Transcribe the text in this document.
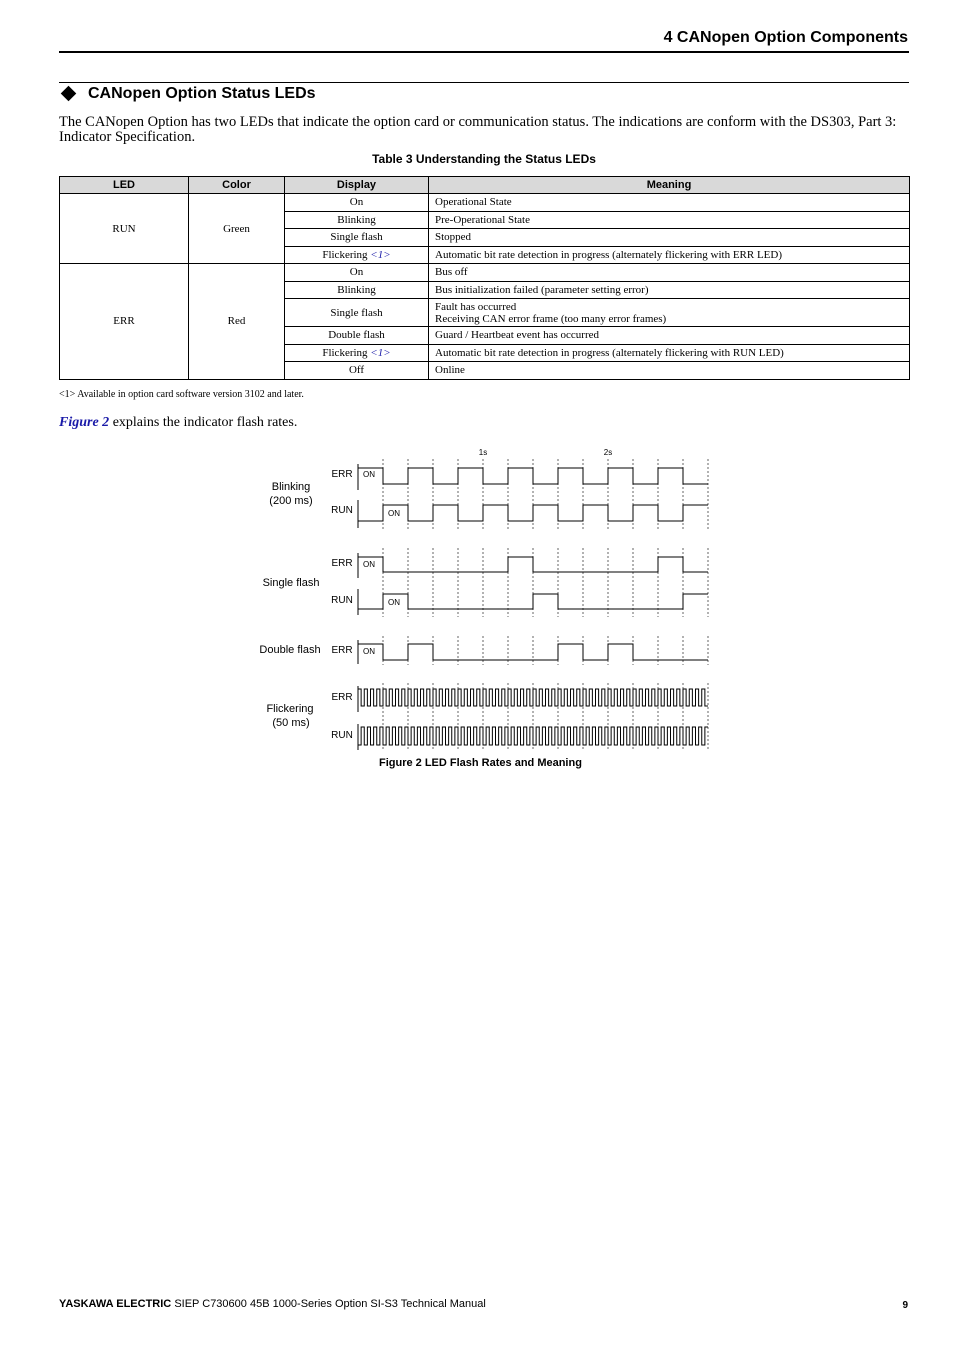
4 CANopen Option Components
CANopen Option Status LEDs

The CANopen Option has two LEDs that indicate the option card or communication status. The indications are conform with the DS303, Part 3: Indicator Specification.

Table 3 Understanding the Status LEDs
LED	Color	Display	Meaning
RUN	Green	On	Operational State
		Blinking	Pre-Operational State
		Single flash	Stopped
		Flickering <1>	Automatic bit rate detection in progress (alternately flickering with ERR LED)
ERR	Red	On	Bus off
		Blinking	Bus initialization failed (parameter setting error)
		Single flash	Fault has occurred
Receiving CAN error frame (too many error frames)

		Double flash	Guard / Heartbeat event has occurred
		Flickering <1>	Automatic bit rate detection in progress (alternately flickering with RUN LED)
		Off	Online
<1> Available in option card software version 3102 and later.

Figure 2 explains the indicator flash rates.

1s	2s
Blinking
(200 ms)
Single flash
Double flash
Flickering
(50 ms)
ERR
RUN
ERR
RUN
ERR
ERR
RUN
ON
ON
ON
ON
ON
Figure 2 LED Flash Rates and Meaning
YASKAWA ELECTRIC SIEP C730600 45B 1000-Series Option SI-S3 Technical Manual	9
